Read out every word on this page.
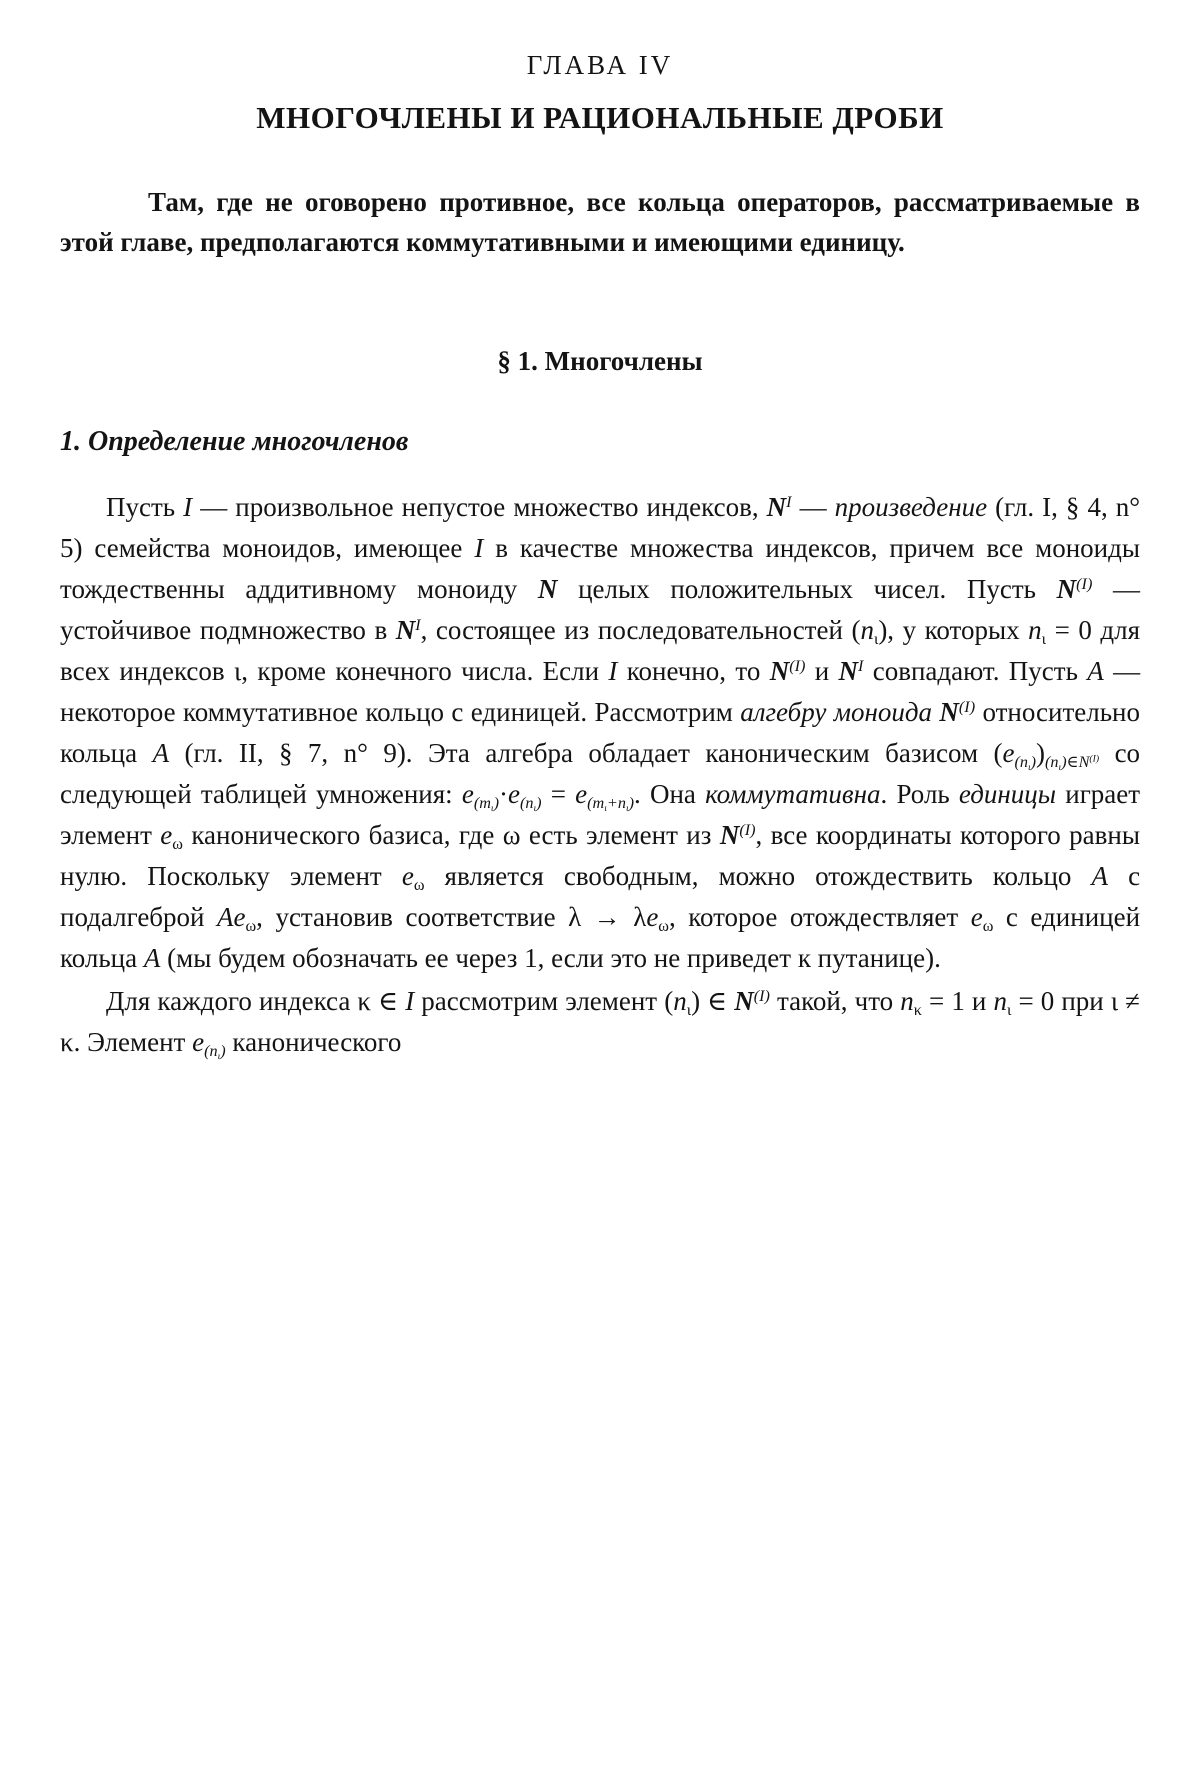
ГЛАВА IV
МНОГОЧЛЕНЫ И РАЦИОНАЛЬНЫЕ ДРОБИ

Там, где не оговорено противное, все кольца операторов, рассматриваемые в этой главе, предполагаются коммутативными и имеющими единицу.

§ 1. Многочлены
1. Определение многочленов

Пусть I — произвольное непустое множество индексов, $N^I$ — произведение (гл. I, § 4, n° 5) семейства моноидов, имеющее I в качестве множества индексов, причем все моноиды тождественны аддитивному моноиду N целых положительных чисел. Пусть $N^{(I)}$ — устойчивое подмножество в $N^I$, состоящее из последовательностей $(n_\iota)$, у которых $n_\iota = 0$ для всех индексов ι, кроме конечного числа. Если I конечно, то $N^{(I)}$ и $N^I$ совпадают. Пусть A — некоторое коммутативное кольцо с единицей. Рассмотрим алгебру моноида $N^{(I)}$ относительно кольца A (гл. II, § 7, n° 9). Эта алгебра обладает каноническим базисом $(e_{(n_\iota)})_{(n_\iota)\in N^{(I)}}$ со следующей таблицей умножения: $e_{(m_\iota)}\cdot e_{(n_\iota)} = e_{(m_\iota+n_\iota)}$. Она коммутативна. Роль единицы играет элемент $e_\omega$ канонического базиса, где ω есть элемент из $N^{(I)}$, все координаты которого равны нулю. Поскольку элемент $e_\omega$ является свободным, можно отождествить кольцо A с подалгеброй $Ae_\omega$, установив соответствие $\lambda \to \lambda e_\omega$, которое отождествляет $e_\omega$ с единицей кольца A (мы будем обозначать ее через 1, если это не приведет к путанице).

Для каждого индекса κ ∈ I рассмотрим элемент $(n_\iota)$ ∈ $N^{(I)}$ такой, что $n_\kappa = 1$ и $n_\iota = 0$ при ι ≠ κ. Элемент $e_{(n_\iota)}$ канонического
